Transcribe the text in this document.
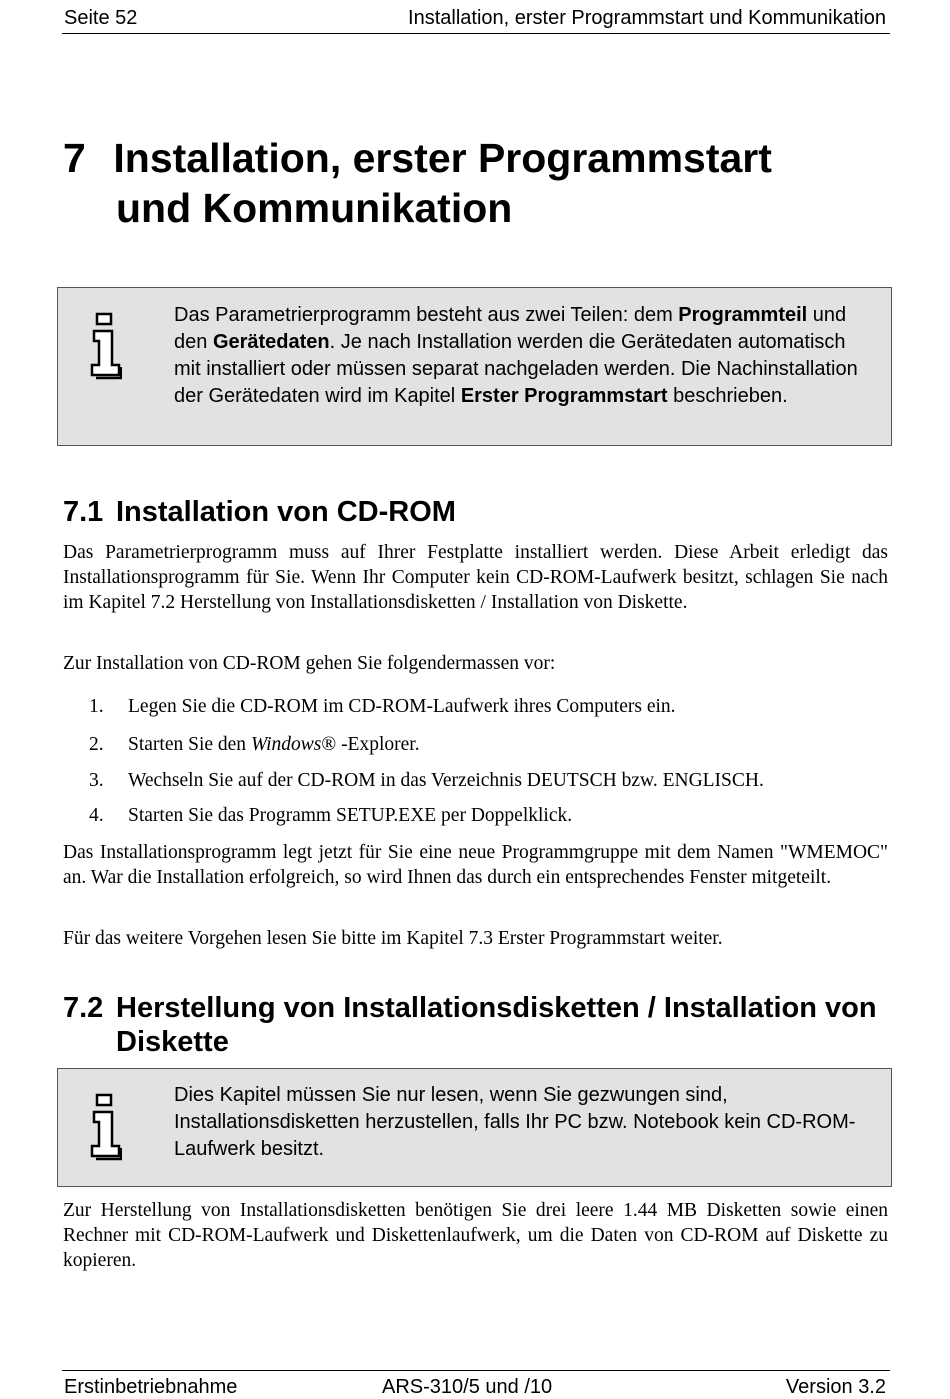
Seite 52	Installation, erster Programmstart und Kommunikation
7 Installation, erster Programmstart
und Kommunikation
Das Parametrierprogramm besteht aus zwei Teilen: dem Programmteil und den Gerätedaten. Je nach Installation werden die Gerätedaten automatisch mit installiert oder müssen separat nachgeladen werden. Die Nachinstallation der Gerätedaten wird im Kapitel Erster Programmstart beschrieben.
7.1 Installation von CD-ROM

Das Parametrierprogramm muss auf Ihrer Festplatte installiert werden. Diese Arbeit erledigt das Installationsprogramm für Sie. Wenn Ihr Computer kein CD-ROM-Laufwerk besitzt, schlagen Sie nach im Kapitel 7.2 Herstellung von Installationsdisketten / Installation von Diskette.

Zur Installation von CD-ROM gehen Sie folgendermassen vor:

1. Legen Sie die CD-ROM im CD-ROM-Laufwerk ihres Computers ein.
2. Starten Sie den Windows® -Explorer.
3. Wechseln Sie auf der CD-ROM in das Verzeichnis DEUTSCH bzw. ENGLISCH.
4. Starten Sie das Programm SETUP.EXE per Doppelklick.

Das Installationsprogramm legt jetzt für Sie eine neue Programmgruppe mit dem Namen "WMEMOC" an. War die Installation erfolgreich, so wird Ihnen das durch ein entsprechendes Fenster mitgeteilt.

Für das weitere Vorgehen lesen Sie bitte im Kapitel 7.3 Erster Programmstart weiter.

7.2 Herstellung von Installationsdisketten / Installation von
Diskette
Dies Kapitel müssen Sie nur lesen, wenn Sie gezwungen sind, Installationsdisketten herzustellen, falls Ihr PC bzw. Notebook kein CD-ROM-Laufwerk besitzt.

Zur Herstellung von Installationsdisketten benötigen Sie drei leere 1.44 MB Disketten sowie einen Rechner mit CD-ROM-Laufwerk und Diskettenlaufwerk, um die Daten von CD-ROM auf Diskette zu kopieren.

Erstinbetriebnahme	ARS-310/5 und /10	Version 3.2
